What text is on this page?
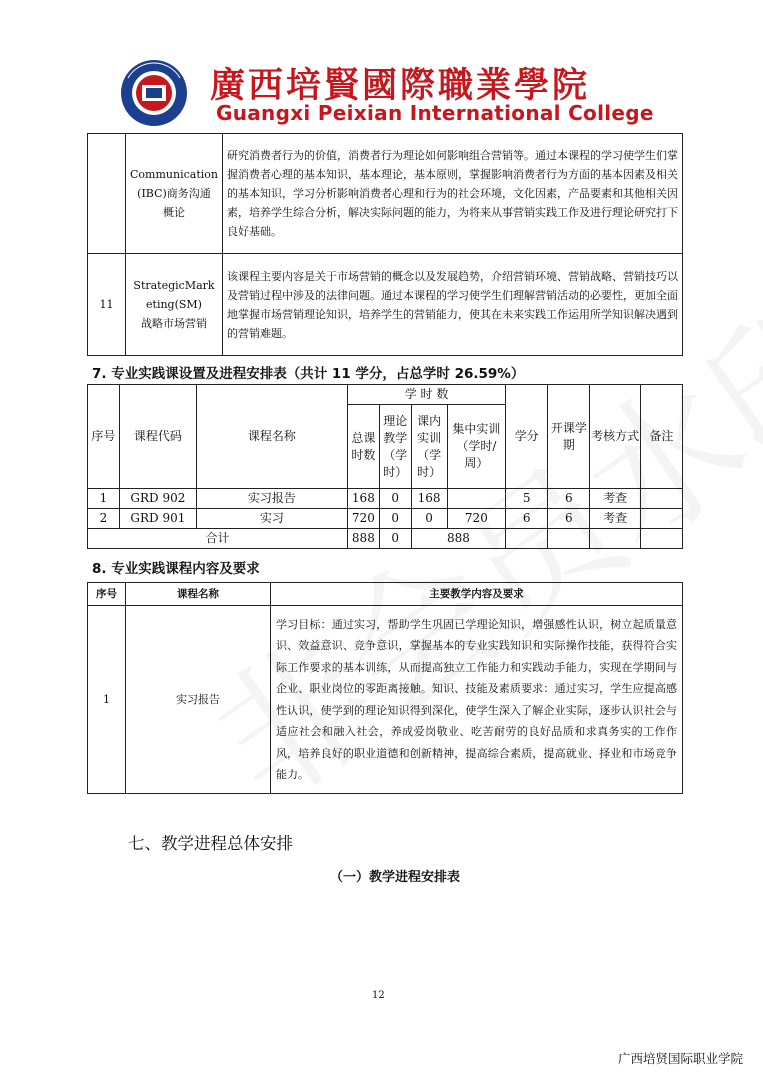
廣西培賢國際職業學院
Guangxi Peixian International College

	Communication
(IBC)商务沟通
概论	研究消费者行为的价值，消费者行为理论如何影响组合营销等。通过本课程的学习使学生们掌握消费者心理的基本知识，基本理论，基本原则，掌握影响消费者行为方面的基本因素及相关的基本知识，学习分析影响消费者心理和行为的社会环境，文化因素，产品要素和其他相关因素，培养学生综合分析，解决实际问题的能力，为将来从事营销实践工作及进行理论研究打下良好基础。
11	StrategicMark
eting(SM)
战略市场营销	该课程主要内容是关于市场营销的概念以及发展趋势，介绍营销环境、营销战略、营销技巧以及营销过程中涉及的法律问题。通过本课程的学习使学生们理解营销活动的必要性，更加全面地掌握市场营销理论知识，培养学生的营销能力，使其在未来实践工作运用所学知识解决遇到的营销难题。
7. 专业实践课设置及进程安排表（共计 11 学分，占总学时 26.59%）
序号	课程代码	课程名称	学 时 数				学分	开课学期	考核方式	备注
			总课时数	理论教学（学时）	课内实训（学时）	集中实训（学时/周）				
1	GRD 902	实习报告	168	0	168		5	6	考查	
2	GRD 901	实习	720	0	0	720	6	6	考查	
合计			888	0	888					
8. 专业实践课程内容及要求
序号	课程名称	主要教学内容及要求
1	实习报告	学习目标：通过实习，帮助学生巩固已学理论知识，增强感性认识，树立起质量意识、效益意识、竞争意识，掌握基本的专业实践知识和实际操作技能，获得符合实际工作要求的基本训练，从而提高独立工作能力和实践动手能力，实现在学期间与企业、职业岗位的零距离接触。知识、技能及素质要求：通过实习，学生应提高感性认识，使学到的理论知识得到深化，使学生深入了解企业实际，逐步认识社会与适应社会和融入社会，养成爱岗敬业、吃苦耐劳的良好品质和求真务实的工作作风，培养良好的职业道德和创新精神，提高综合素质，提高就业、择业和市场竞争能力。
七、教学进程总体安排
（一）教学进程安排表
12
广西培贤国际职业学院
